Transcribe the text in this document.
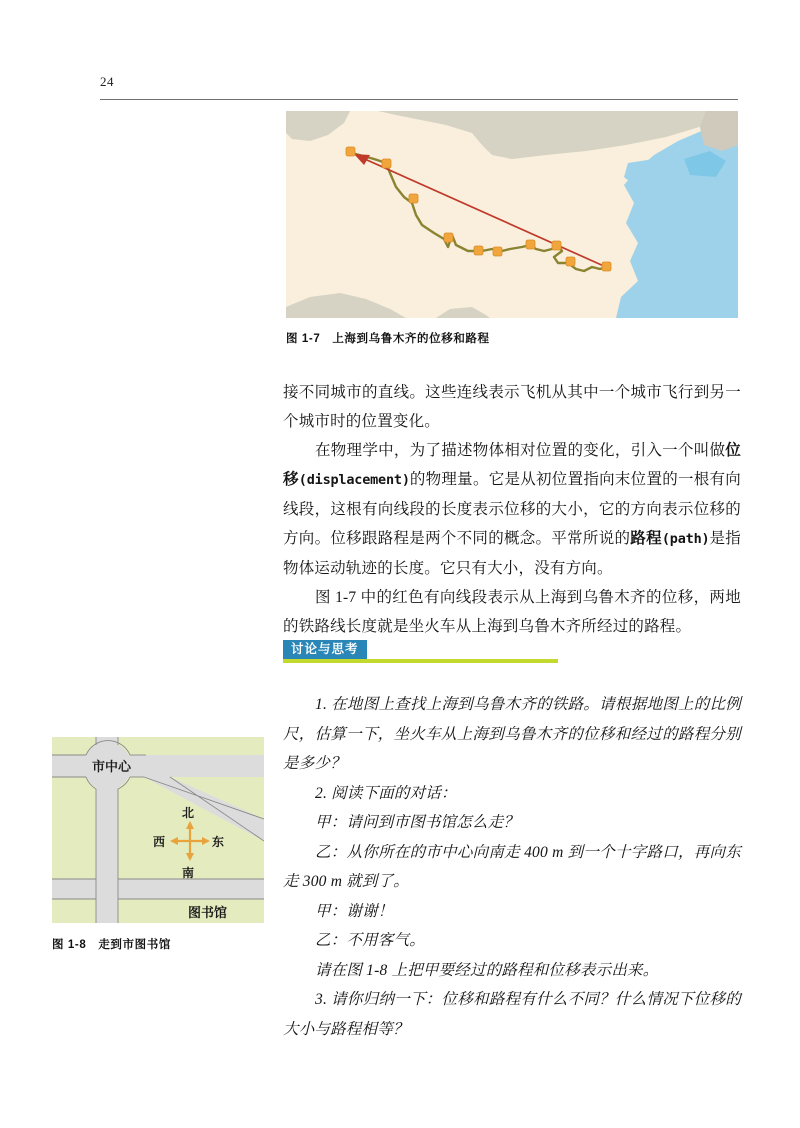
24
图 1-7 上海到乌鲁木齐的位移和路程

接不同城市的直线。这些连线表示飞机从其中一个城市飞行到另一个城市时的位置变化。

在物理学中，为了描述物体相对位置的变化，引入一个叫做位移(displacement)的物理量。它是从初位置指向末位置的一根有向线段，这根有向线段的长度表示位移的大小，它的方向表示位移的方向。位移跟路程是两个不同的概念。平常所说的路程(path)是指物体运动轨迹的长度。它只有大小，没有方向。

图 1-7 中的红色有向线段表示从上海到乌鲁木齐的位移，两地的铁路线长度就是坐火车从上海到乌鲁木齐所经过的路程。

讨论与思考

1. 在地图上查找上海到乌鲁木齐的铁路。请根据地图上的比例尺，估算一下，坐火车从上海到乌鲁木齐的位移和经过的路程分别是多少？

2. 阅读下面的对话：

甲：请问到市图书馆怎么走？

乙：从你所在的市中心向南走 400 m 到一个十字路口，再向东走 300 m 就到了。

甲：谢谢！

乙：不用客气。

请在图 1-8 上把甲要经过的路程和位移表示出来。

3. 请你归纳一下：位移和路程有什么不同？什么情况下位移的大小与路程相等？

市中心
北
东
南
西
图书馆
图 1-8 走到市图书馆
